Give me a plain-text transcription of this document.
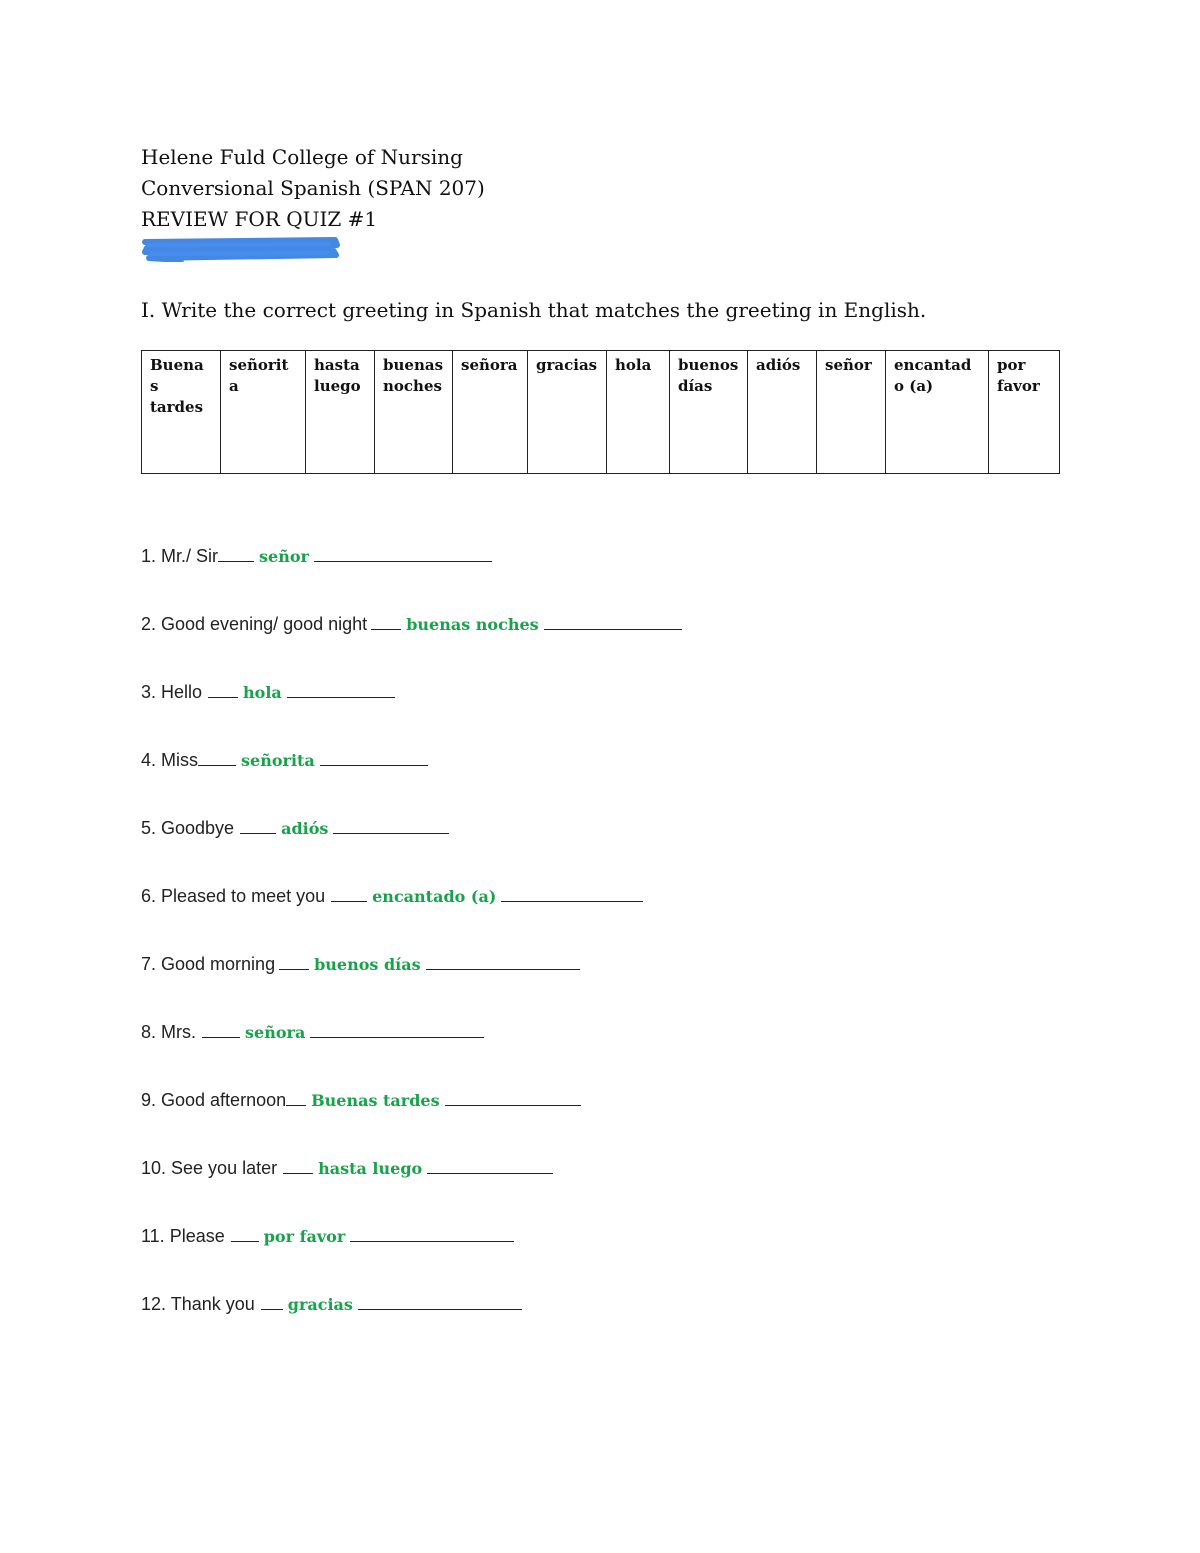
Helene Fuld College of Nursing
Conversional Spanish (SPAN 207)
REVIEW FOR QUIZ #1
I. Write the correct greeting in Spanish that matches the greeting in English.
Buenas tardes	señorita	hasta luego	buenas noches	señora	gracias	hola	buenos días	adiós	señor	encantado (a)	por favor
1. Mr./ Sir	señor
2. Good evening/ good night buenas noches
3. Hello	hola
4. Miss	señorita
5. Goodbye	adiós
6. Pleased to meet you	encantado (a)
7. Good morning buenos días
8. Mrs.	señora
9. Good afternoon Buenas tardes
10. See you later	hasta luego
11. Please por favor
12. Thank you gracias
